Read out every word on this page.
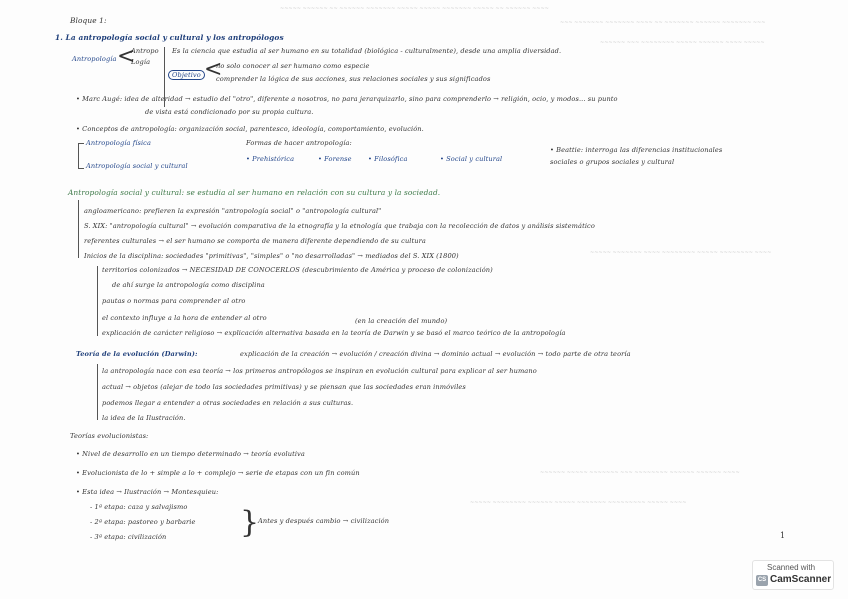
~~~~~ ~~~~~~ ~~ ~~~~~~ ~~~~~~~ ~~~~~ ~~~~~ ~~~~~~~ ~~~~~ ~~ ~~~~~~ ~~~~
~~~ ~~~~~~~ ~~~~~~~ ~~~~ ~~ ~~~~~~~ ~~~~~~ ~~~~~~~ ~~~
~~~~~~ ~~~ ~~~~~~~~ ~~~~~ ~~~~~~ ~~~~ ~~~~~
~~~~~ ~~~~~~~ ~~~~ ~~~~~~~~ ~~~~~ ~~~~~~~~ ~~~~
~~~~~~ ~~~~~ ~~~~~~~ ~~~ ~~~~~~~~ ~~~~~~ ~~~~~~ ~~~~
~~~~~ ~~~~~~~~ ~~~~~~ ~~~~~ ~~~~~~~ ~~~~~~~~~ ~~~~~ ~~~~
Bloque 1:
1. La antropología social y cultural y los antropólogos
Antropología <
Antropo
Logía
Es la ciencia que estudia al ser humano en su totalidad (biológica - culturalmente), desde una amplia diversidad.
Objetivo <
no solo conocer al ser humano como especie
comprender la lógica de sus acciones, sus relaciones sociales y sus significados
• Marc Augé: idea de alteridad → estudio del "otro", diferente a nosotros, no para jerarquizarlo, sino para comprenderlo → religión, ocio, y modos... su punto
de vista está condicionado por su propia cultura.
• Conceptos de antropología: organización social, parentesco, ideología, comportamiento, evolución.
Antropología física
Antropología social y cultural
Formas de hacer antropología:
• Prehistórica	• Forense • Filosófica	• Social y cultural
• Beattie: interroga las diferencias institucionales
sociales o grupos sociales y cultural
Antropología social y cultural: se estudia al ser humano en relación con su cultura y la sociedad.
angloamericano: prefieren la expresión "antropología social" o "antropología cultural"
S. XIX: "antropología cultural" → evolución comparativa de la etnografía y la etnología que trabaja con la recolección de datos y análisis sistemático
referentes culturales → el ser humano se comporta de manera diferente dependiendo de su cultura
Inicios de la disciplina: sociedades "primitivas", "simples" o "no desarrolladas" → mediados del S. XIX (1800)
territorios colonizados → NECESIDAD DE CONOCERLOS (descubrimiento de América y proceso de colonización)
de ahí surge la antropología como disciplina
pautas o normas para comprender al otro
el contexto influye a la hora de entender al otro	(en la creación del mundo)
explicación de carácter religioso → explicación alternativa basada en la teoría de Darwin y se basó el marco teórico de la antropología
Teoría de la evolución (Darwin):	explicación de la creación → evolución / creación divina → dominio actual → evolución → todo parte de otra teoría
la antropología nace con esa teoría → los primeros antropólogos se inspiran en evolución cultural para explicar al ser humano
actual → objetos (alejar de todo las sociedades primitivas) y se piensan que las sociedades eran inmóviles
podemos llegar a entender a otras sociedades en relación a sus culturas.
la idea de la Ilustración.
Teorías evolucionistas:
• Nivel de desarrollo en un tiempo determinado → teoría evolutiva
• Evolucionista de lo + simple a lo + complejo → serie de etapas con un fin común
• Esta idea → Ilustración → Montesquieu:
- 1ª etapa: caza y salvajismo
- 2ª etapa: pastoreo y barbarie
- 3ª etapa: civilización }
Antes y después cambio → civilización
1
Scanned with
CS CamScanner
